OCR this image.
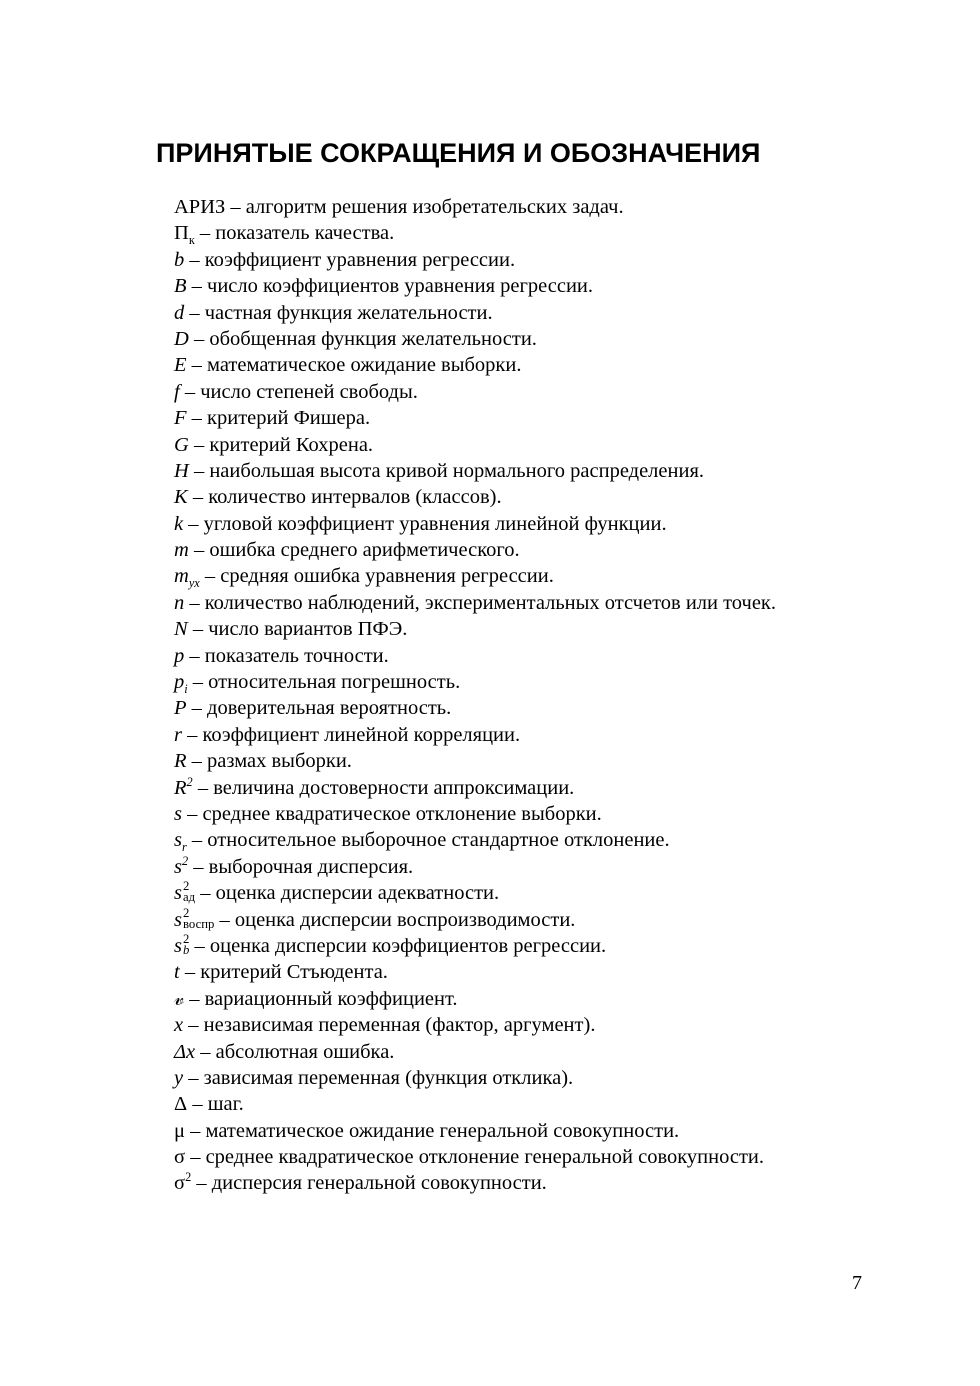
ПРИНЯТЫЕ СОКРАЩЕНИЯ И ОБОЗНАЧЕНИЯ
АРИЗ – алгоритм решения изобретательских задач.
$П_к$ – показатель качества.
b – коэффициент уравнения регрессии.
B – число коэффициентов уравнения регрессии.
d – частная функция желательности.
D – обобщенная функция желательности.
E – математическое ожидание выборки.
f – число степеней свободы.
F – критерий Фишера.
G – критерий Кохрена.
H – наибольшая высота кривой нормального распределения.
K – количество интервалов (классов).
k – угловой коэффициент уравнения линейной функции.
m – ошибка среднего арифметического.
$m_{yx}$ – средняя ошибка уравнения регрессии.
n – количество наблюдений, экспериментальных отсчетов или точек.
N – число вариантов ПФЭ.
p – показатель точности.
$p_i$ – относительная погрешность.
P – доверительная вероятность.
r – коэффициент линейной корреляции.
R – размах выборки.
$R^2$ – величина достоверности аппроксимации.
s – среднее квадратическое отклонение выборки.
$s_r$ – относительное выборочное стандартное отклонение.
$s^2$ – выборочная дисперсия.
s 2
ад – оценка дисперсии адекватности.
s 2
воспр – оценка дисперсии воспроизводимости.
s 2
b – оценка дисперсии коэффициентов регрессии.
t – критерий Стъюдента.
𝓋 – вариационный коэффициент.
x – независимая переменная (фактор, аргумент).
Δx – абсолютная ошибка.
y – зависимая переменная (функция отклика).
Δ – шаг.
μ – математическое ожидание генеральной совокупности.
σ – среднее квадратическое отклонение генеральной совокупности.
$\sigma^2$ – дисперсия генеральной совокупности.
7
